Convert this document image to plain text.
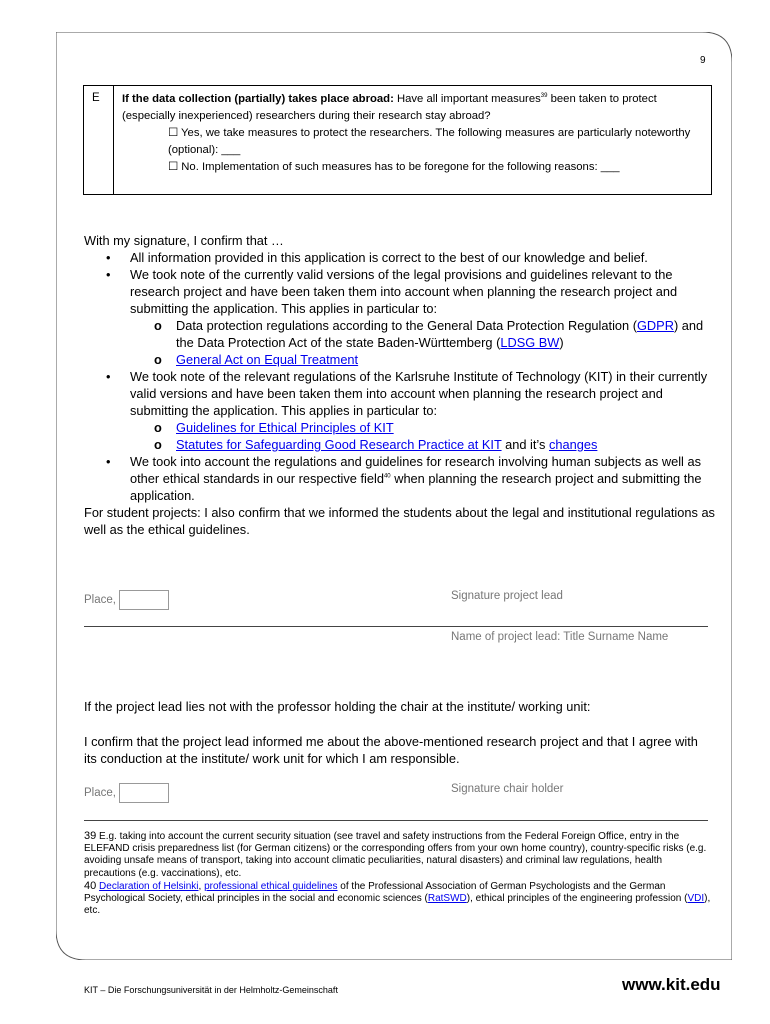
9
E	If the data collection (partially) takes place abroad: Have all important measures$^{39}$ been taken to protect (especially inexperienced) researchers during their research stay abroad?
☐ Yes, we take measures to protect the researchers. The following measures are particularly noteworthy (optional): ___
☐ No. Implementation of such measures has to be foregone for the following reasons: ___
With my signature, I confirm that …
• All information provided in this application is correct to the best of our knowledge and belief.
• We took note of the currently valid versions of the legal provisions and guidelines relevant to the research project and have been taken them into account when planning the research project and submitting the application. This applies in particular to:
o Data protection regulations according to the General Data Protection Regulation (GDPR) and the Data Protection Act of the state Baden-Württemberg (LDSG BW)
o General Act on Equal Treatment
• We took note of the relevant regulations of the Karlsruhe Institute of Technology (KIT) in their currently valid versions and have been taken them into account when planning the research project and submitting the application. This applies in particular to:
o Guidelines for Ethical Principles of KIT
o Statutes for Safeguarding Good Research Practice at KIT and it’s changes
• We took into account the regulations and guidelines for research involving human subjects as well as other ethical standards in our respective field$^{40}$ when planning the research project and submitting the application.
For student projects: I also confirm that we informed the students about the legal and institutional regulations as well as the ethical guidelines.
Place,	Signature project lead
Name of project lead: Title Surname Name
If the project lead lies not with the professor holding the chair at the institute/ working unit:
I confirm that the project lead informed me about the above-mentioned research project and that I agree with its conduction at the institute/ work unit for which I am responsible.
Place,	Signature chair holder
39 E.g. taking into account the current security situation (see travel and safety instructions from the Federal Foreign Office, entry in the ELEFAND crisis preparedness list (for German citizens) or the corresponding offers from your own home country), country-specific risks (e.g. avoiding unsafe means of transport, taking into account climatic peculiarities, natural disasters) and criminal law regulations, health precautions (e.g. vaccinations), etc.
40 Declaration of Helsinki, professional ethical guidelines of the Professional Association of German Psychologists and the German Psychological Society, ethical principles in the social and economic sciences (RatSWD), ethical principles of the engineering profession (VDI), etc.
KIT – Die Forschungsuniversität in der Helmholtz-Gemeinschaft	www.kit.edu
